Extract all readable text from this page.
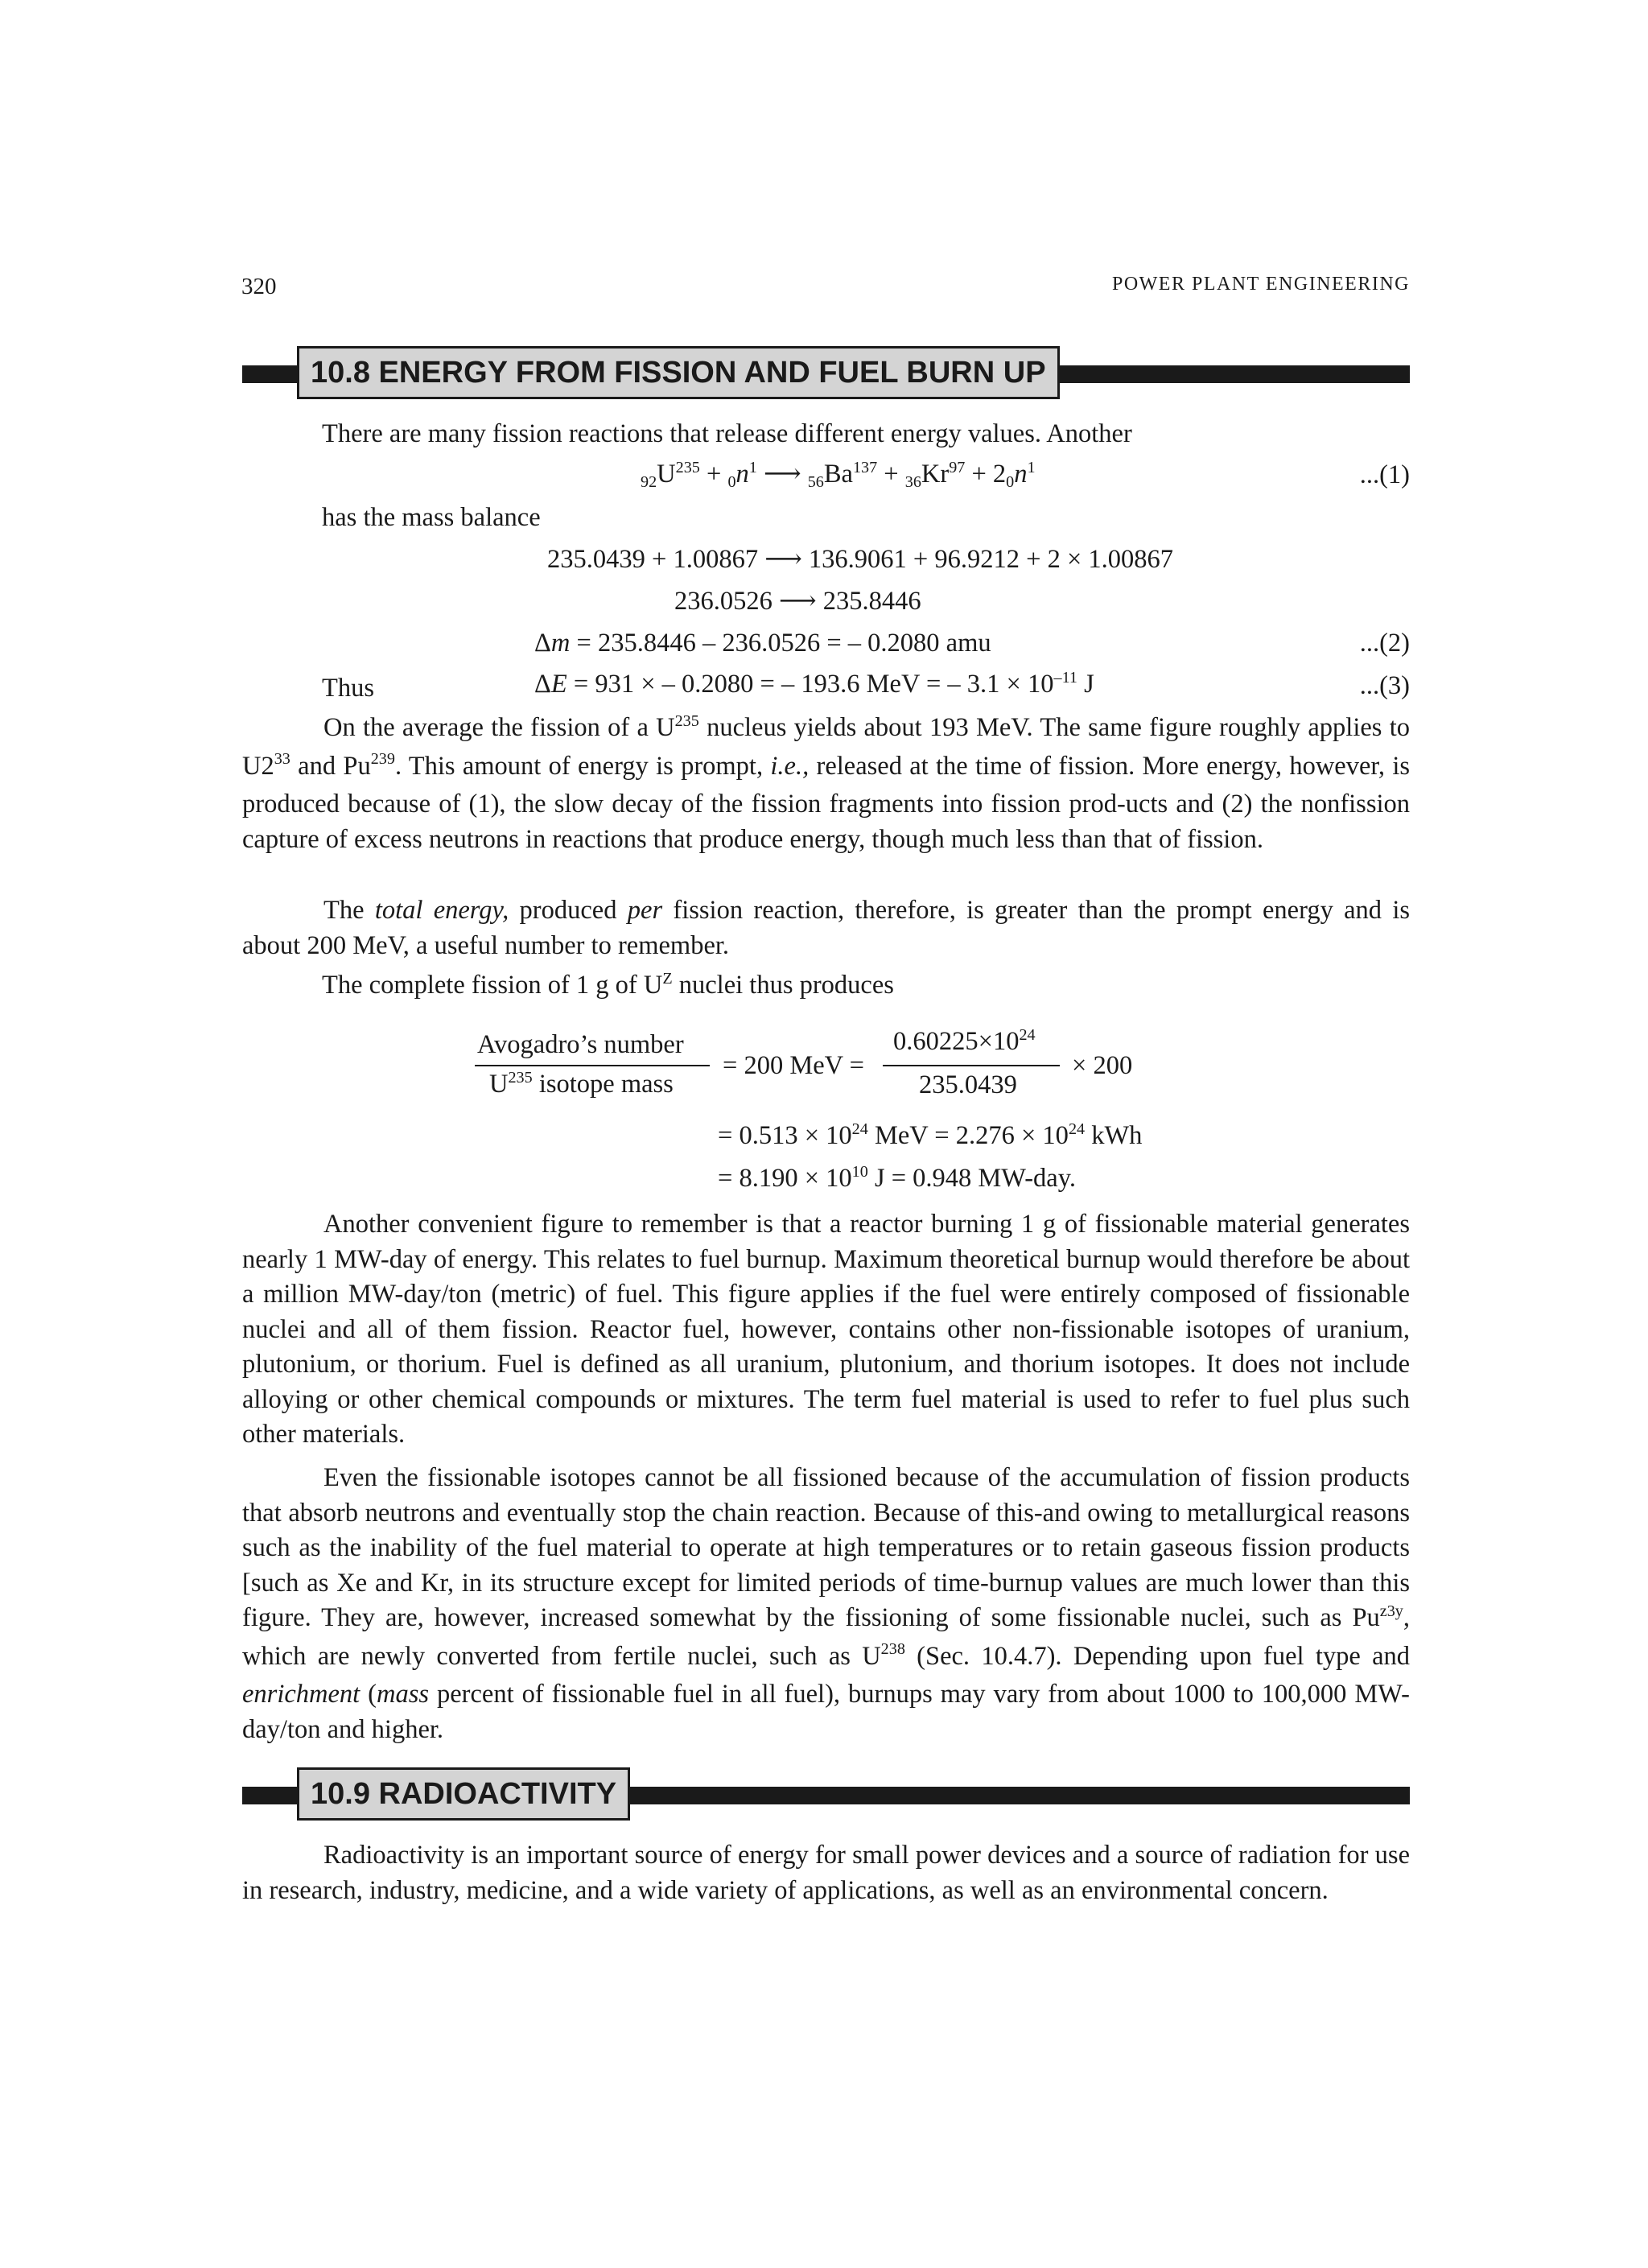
320	POWER PLANT ENGINEERING
10.8 ENERGY FROM FISSION AND FUEL BURN UP
There are many fission reactions that release different energy values. Another
$_{92}U^{235} + _0n^1$ ⟶ $_{56}Ba^{137} + _{36}Kr^{97} + 2_0n^1$	...(1)
has the mass balance
235.0439 + 1.00867 ⟶ 136.9061 + 96.9212 + 2 × 1.00867
236.0526 ⟶ 235.8446
Δm = 235.8446 – 236.0526 = – 0.2080 amu	...(2)
Thus	ΔE = 931 × – 0.2080 = – 193.6 MeV = – $3.1 \times 10^{-11}$ J	...(3)

On the average the fission of a $U^{235}$ nucleus yields about 193 MeV. The same figure roughly applies to $U2^{33}$ and Pu$^{239}$. This amount of energy is prompt, i.e., released at the time of fission. More energy, however, is produced because of (1), the slow decay of the fission fragments into fission prod-ucts and (2) the nonfission capture of excess neutrons in reactions that produce energy, though much less than that of fission.

The total energy, produced per fission reaction, therefore, is greater than the prompt energy and is about 200 MeV, a useful number to remember.

The complete fission of 1 g of $U^Z$ nuclei thus produces
Avogadro’s number
$U^{235}$ isotope mass
= 200 MeV =
$0.60225\times 10^{24}$
235.0439
× 200
= $0.513 \times 10^{24}$ MeV = $2.276 \times 10^{24}$ kWh
= $8.190 \times 10^{10}$ J = 0.948 MW-day.

Another convenient figure to remember is that a reactor burning 1 g of fissionable material generates nearly 1 MW-day of energy. This relates to fuel burnup. Maximum theoretical burnup would therefore be about a million MW-day/ton (metric) of fuel. This figure applies if the fuel were entirely composed of fissionable nuclei and all of them fission. Reactor fuel, however, contains other non-fissionable isotopes of uranium, plutonium, or thorium. Fuel is defined as all uranium, plutonium, and thorium isotopes. It does not include alloying or other chemical compounds or mixtures. The term fuel material is used to refer to fuel plus such other materials.

Even the fissionable isotopes cannot be all fissioned because of the accumulation of fission products that absorb neutrons and eventually stop the chain reaction. Because of this-and owing to metallurgical reasons such as the inability of the fuel material to operate at high temperatures or to retain gaseous fission products [such as Xe and Kr, in its structure except for limited periods of time-burnup values are much lower than this figure. They are, however, increased somewhat by the fissioning of some fissionable nuclei, such as $Pu^{z3y}$, which are newly converted from fertile nuclei, such as $U^{238}$ (Sec. 10.4.7). Depending upon fuel type and enrichment (mass percent of fissionable fuel in all fuel), burnups may vary from about 1000 to 100,000 MW-day/ton and higher.

10.9 RADIOACTIVITY

Radioactivity is an important source of energy for small power devices and a source of radiation for use in research, industry, medicine, and a wide variety of applications, as well as an environmental concern.
